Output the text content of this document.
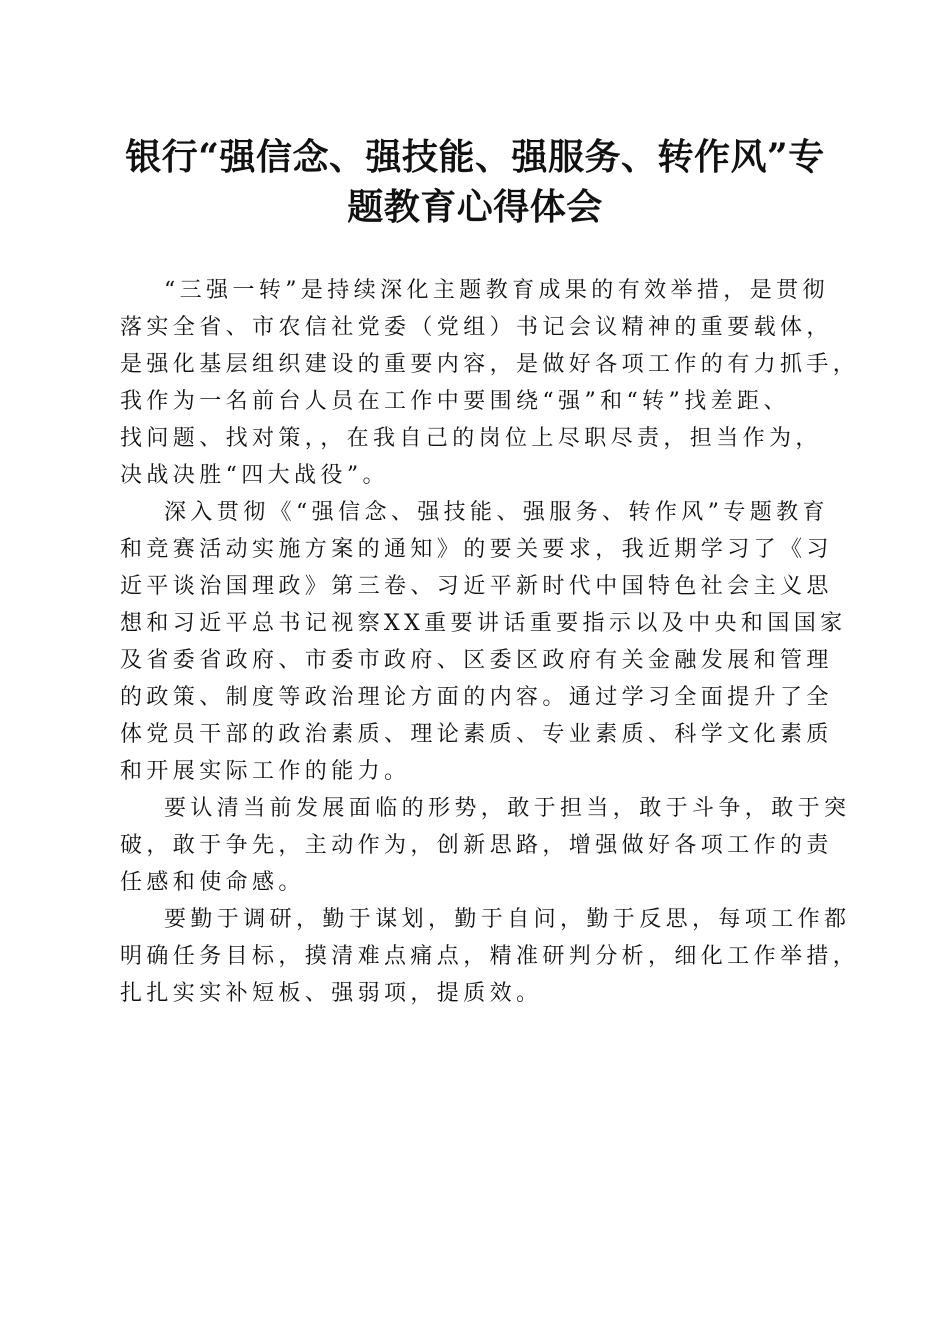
银行“强信念、强技能、强服务、转作风”专
题教育心得体会

“三强一转”是持续深化主题教育成果的有效举措，是贯彻
落实全省、市农信社党委（党组）书记会议精神的重要载体，
是强化基层组织建设的重要内容，是做好各项工作的有力抓手，
我作为一名前台人员在工作中要围绕“强”和“转”找差距、
找问题、找对策，，在我自己的岗位上尽职尽责，担当作为，
决战决胜“四大战役”。

深入贯彻《“强信念、强技能、强服务、转作风”专题教育
和竞赛活动实施方案的通知》的要关要求，我近期学习了《习
近平谈治国理政》第三卷、习近平新时代中国特色社会主义思
想和习近平总书记视察XX重要讲话重要指示以及中央和国国家
及省委省政府、市委市政府、区委区政府有关金融发展和管理
的政策、制度等政治理论方面的内容。通过学习全面提升了全
体党员干部的政治素质、理论素质、专业素质、科学文化素质
和开展实际工作的能力。

要认清当前发展面临的形势，敢于担当，敢于斗争，敢于突
破，敢于争先，主动作为，创新思路，增强做好各项工作的责
任感和使命感。

要勤于调研，勤于谋划，勤于自问，勤于反思，每项工作都
明确任务目标，摸清难点痛点，精准研判分析，细化工作举措，
扎扎实实补短板、强弱项，提质效。
